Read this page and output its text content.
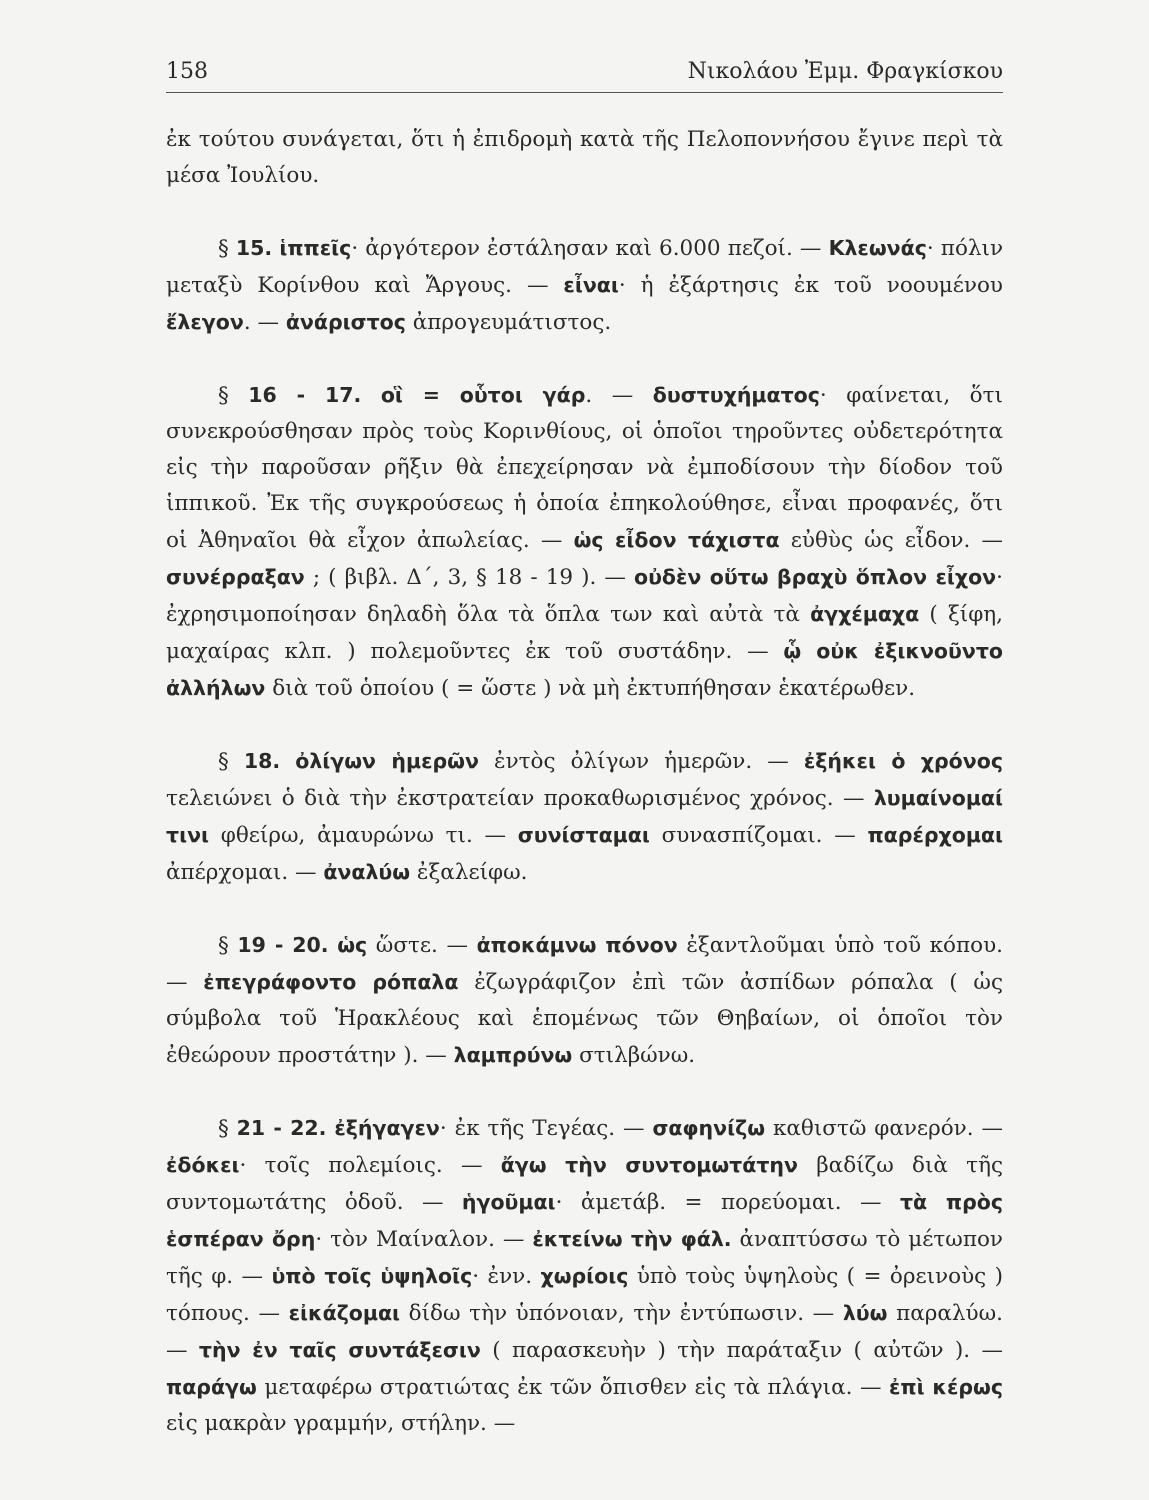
158	Νικολάου Ἐμμ. Φραγκίσκου

ἐκ τούτου συνάγεται, ὅτι ἡ ἐπιδρομὴ κατὰ τῆς Πελοποννήσου ἔγινε περὶ τὰ μέσα Ἰουλίου.

§ 15. ἱππεῖς· ἀργότερον ἐστάλησαν καὶ 6.000 πεζοί. — Κλεωνάς· πόλιν μεταξὺ Κορίνθου καὶ Ἄργους. — εἶναι· ἡ ἐξάρτησις ἐκ τοῦ νοουμένου ἔλεγον. — ἀνάριστος ἀπρογευμάτιστος.

§ 16 - 17. οἳ = οὗτοι γάρ. — δυστυχήματος· φαίνεται, ὅτι συνεκρούσθησαν πρὸς τοὺς Κορινθίους, οἱ ὁποῖοι τηροῦντες οὐδετερότητα εἰς τὴν παροῦσαν ρῆξιν θὰ ἐπεχείρησαν νὰ ἐμποδίσουν τὴν δίοδον τοῦ ἱππικοῦ. Ἐκ τῆς συγκρούσεως ἡ ὁποία ἐπηκολούθησε, εἶναι προφανές, ὅτι οἱ Ἀθηναῖοι θὰ εἶχον ἀπωλείας. — ὡς εἶδον τάχιστα εὐθὺς ὡς εἶδον. — συνέρραξαν ; ( βιβλ. Δ΄, 3, § 18 - 19 ). — οὐδὲν οὕτω βραχὺ ὅπλον εἶχον· ἐχρησιμοποίησαν δηλαδὴ ὅλα τὰ ὅπλα των καὶ αὐτὰ τὰ ἀγχέμαχα ( ξίφη, μαχαίρας κλπ. ) πολεμοῦντες ἐκ τοῦ συστάδην. — ᾧ οὐκ ἐξικνοῦντο ἀλλήλων διὰ τοῦ ὁποίου ( = ὥστε ) νὰ μὴ ἐκτυπήθησαν ἑκατέρωθεν.

§ 18. ὀλίγων ἡμερῶν ἐντὸς ὀλίγων ἡμερῶν. — ἐξήκει ὁ χρόνος τελειώνει ὁ διὰ τὴν ἐκστρατείαν προκαθωρισμένος χρόνος. — λυμαίνομαί τινι φθείρω, ἀμαυρώνω τι. — συνίσταμαι συνασπίζομαι. — παρέρχομαι ἀπέρχομαι. — ἀναλύω ἐξαλείφω.

§ 19 - 20. ὡς ὥστε. — ἀποκάμνω πόνον ἐξαντλοῦμαι ὑπὸ τοῦ κόπου. — ἐπεγράφοντο ρόπαλα ἐζωγράφιζον ἐπὶ τῶν ἀσπίδων ρόπαλα ( ὡς σύμβολα τοῦ Ἡρακλέους καὶ ἑπομένως τῶν Θηβαίων, οἱ ὁποῖοι τὸν ἐθεώρουν προστάτην ). — λαμπρύνω στιλβώνω.

§ 21 - 22. ἐξήγαγεν· ἐκ τῆς Τεγέας. — σαφηνίζω καθιστῶ φανερόν. — ἐδόκει· τοῖς πολεμίοις. — ἄγω τὴν συντομωτάτην βαδίζω διὰ τῆς συντομωτάτης ὁδοῦ. — ἡγοῦμαι· ἀμετάβ. = πορεύομαι. — τὰ πρὸς ἑσπέραν ὄρη· τὸν Μαίναλον. — ἐκτείνω τὴν φάλ. ἀναπτύσσω τὸ μέτωπον τῆς φ. — ὑπὸ τοῖς ὑψηλοῖς· ἐνν. χωρίοις ὑπὸ τοὺς ὑψηλοὺς ( = ὀρεινοὺς ) τόπους. — εἰκάζομαι δίδω τὴν ὑπόνοιαν, τὴν ἐντύπωσιν. — λύω παραλύω. — τὴν ἐν ταῖς συντάξεσιν ( παρασκευὴν ) τὴν παράταξιν ( αὐτῶν ). — παράγω μεταφέρω στρατιώτας ἐκ τῶν ὄπισθεν εἰς τὰ πλάγια. — ἐπὶ κέρως εἰς μακρὰν γραμμήν, στήλην. —
